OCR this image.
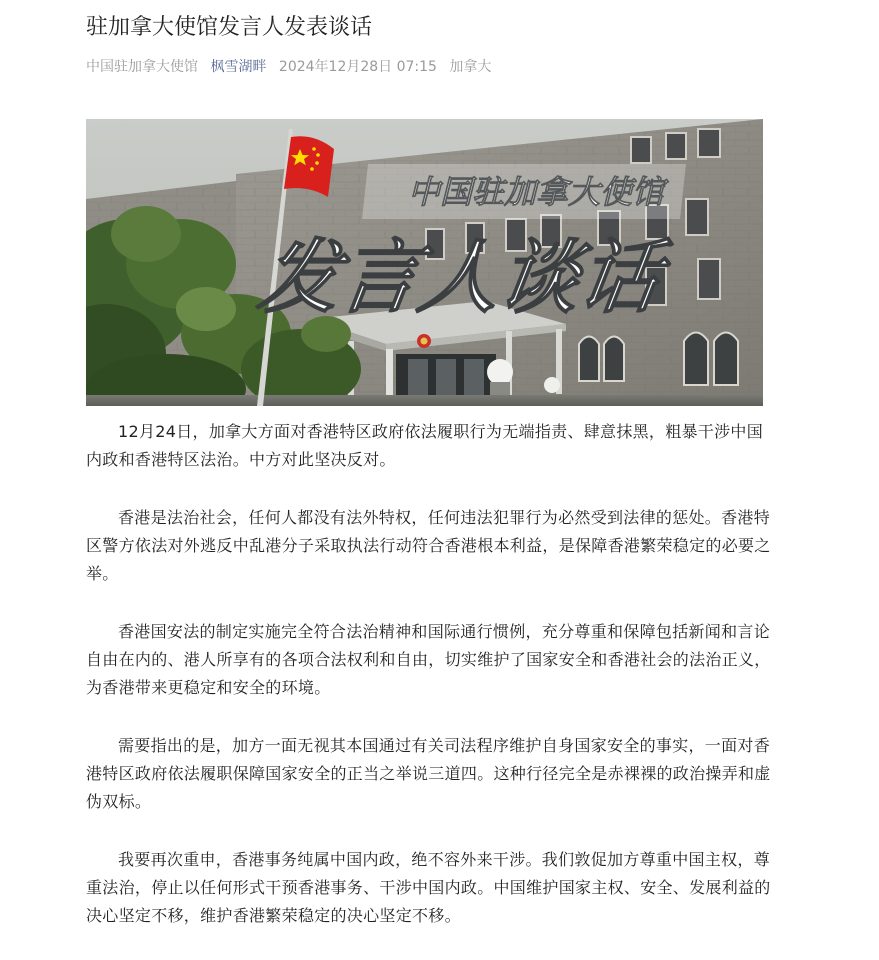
驻加拿大使馆发言人发表谈话
中国驻加拿大使馆 枫雪湖畔 2024年12月28日 07:15 加拿大
中国驻加拿大使馆
发言人谈话

12月24日，加拿大方面对香港特区政府依法履职行为无端指责、肆意抹黑，粗暴干涉中国内政和香港特区法治。中方对此坚决反对。

香港是法治社会，任何人都没有法外特权，任何违法犯罪行为必然受到法律的惩处。香港特区警方依法对外逃反中乱港分子采取执法行动符合香港根本利益，是保障香港繁荣稳定的必要之举。

香港国安法的制定实施完全符合法治精神和国际通行惯例，充分尊重和保障包括新闻和言论自由在内的、港人所享有的各项合法权利和自由，切实维护了国家安全和香港社会的法治正义，为香港带来更稳定和安全的环境。

需要指出的是，加方一面无视其本国通过有关司法程序维护自身国家安全的事实，一面对香港特区政府依法履职保障国家安全的正当之举说三道四。这种行径完全是赤裸裸的政治操弄和虚伪双标。

我要再次重申，香港事务纯属中国内政，绝不容外来干涉。我们敦促加方尊重中国主权，尊重法治，停止以任何形式干预香港事务、干涉中国内政。中国维护国家主权、安全、发展利益的决心坚定不移，维护香港繁荣稳定的决心坚定不移。
